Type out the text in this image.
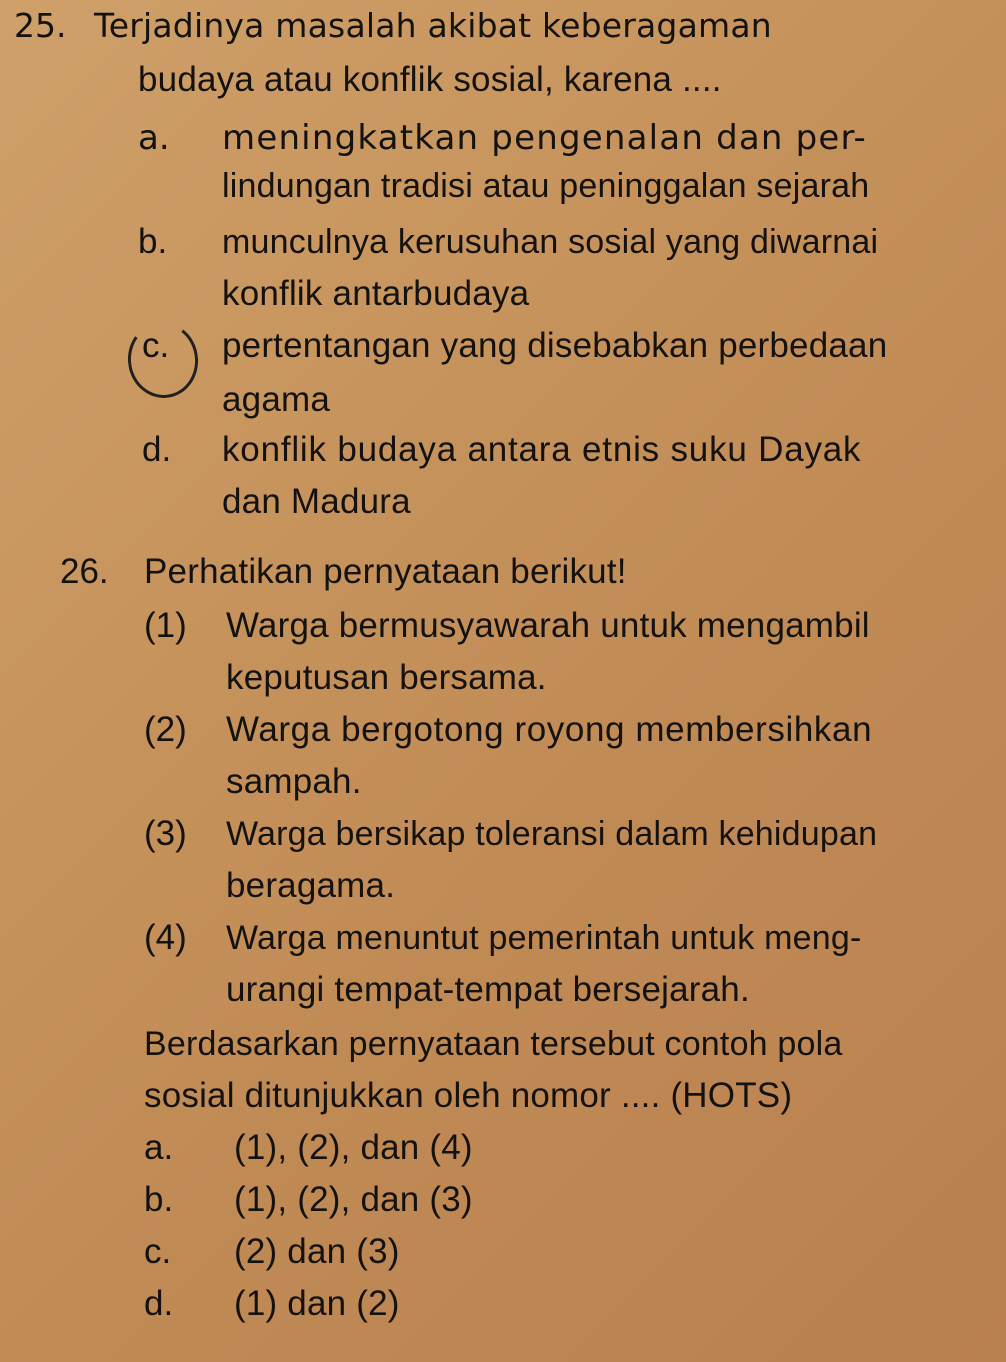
25. Terjadinya masalah akibat keberagaman
budaya atau konflik sosial, karena ....
a. meningkatkan pengenalan dan per-
lindungan tradisi atau peninggalan sejarah
b. munculnya kerusuhan sosial yang diwarnai
konflik antarbudaya
c. pertentangan yang disebabkan perbedaan
agama
d. konflik budaya antara etnis suku Dayak
dan Madura
26. Perhatikan pernyataan berikut!
(1) Warga bermusyawarah untuk mengambil
keputusan bersama.
(2) Warga bergotong royong membersihkan
sampah.
(3) Warga bersikap toleransi dalam kehidupan
beragama.
(4) Warga menuntut pemerintah untuk meng-
urangi tempat-tempat bersejarah.
Berdasarkan pernyataan tersebut contoh pola
sosial ditunjukkan oleh nomor .... (HOTS)
a. (1), (2), dan (4)
b. (1), (2), dan (3)
c. (2) dan (3)
d. (1) dan (2)
